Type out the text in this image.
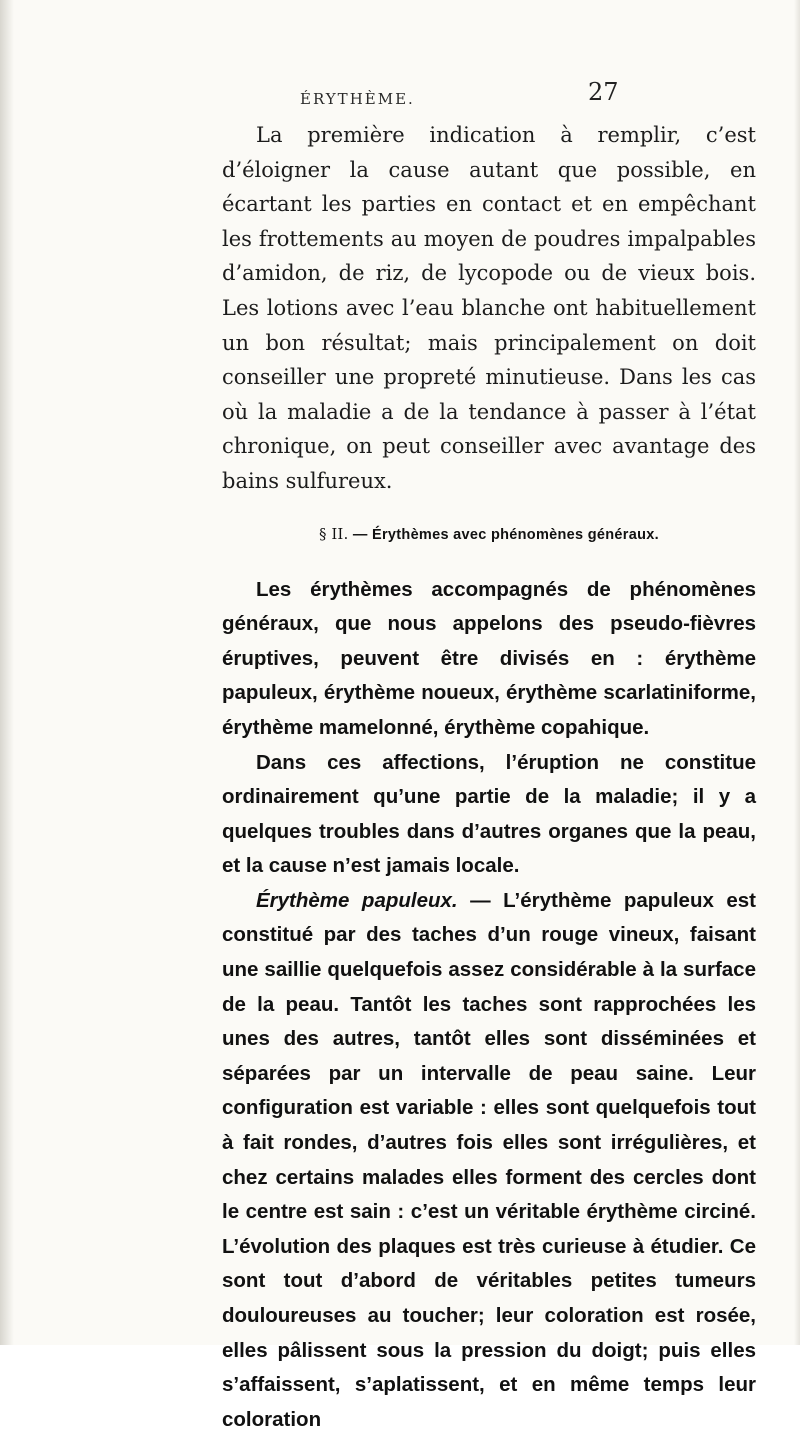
ÉRYTHÈME.	27

La première indication à remplir, c’est d’éloigner la cause autant que possible, en écartant les parties en contact et en empêchant les frottements au moyen de poudres impalpables d’amidon, de riz, de lycopode ou de vieux bois. Les lotions avec l’eau blanche ont habituellement un bon résultat; mais principalement on doit conseiller une propreté minutieuse. Dans les cas où la maladie a de la tendance à passer à l’état chronique, on peut conseiller avec avantage des bains sulfureux.

§ II. — Érythèmes avec phénomènes généraux.

Les érythèmes accompagnés de phénomènes généraux, que nous appelons des pseudo-fièvres éruptives, peuvent être divisés en : érythème papuleux, érythème noueux, érythème scarlatiniforme, érythème mamelonné, érythème copahique.

Dans ces affections, l’éruption ne constitue ordinairement qu’une partie de la maladie; il y a quelques troubles dans d’autres organes que la peau, et la cause n’est jamais locale.

Érythème papuleux. — L’érythème papuleux est constitué par des taches d’un rouge vineux, faisant une saillie quelquefois assez considérable à la surface de la peau. Tantôt les taches sont rapprochées les unes des autres, tantôt elles sont disséminées et séparées par un intervalle de peau saine. Leur configuration est variable : elles sont quelquefois tout à fait rondes, d’autres fois elles sont irrégulières, et chez certains malades elles forment des cercles dont le centre est sain : c’est un véritable érythème circiné. L’évolution des plaques est très curieuse à étudier. Ce sont tout d’abord de véritables petites tumeurs douloureuses au toucher; leur coloration est rosée, elles pâlissent sous la pression du doigt; puis elles s’affaissent, s’aplatissent, et en même temps leur coloration
